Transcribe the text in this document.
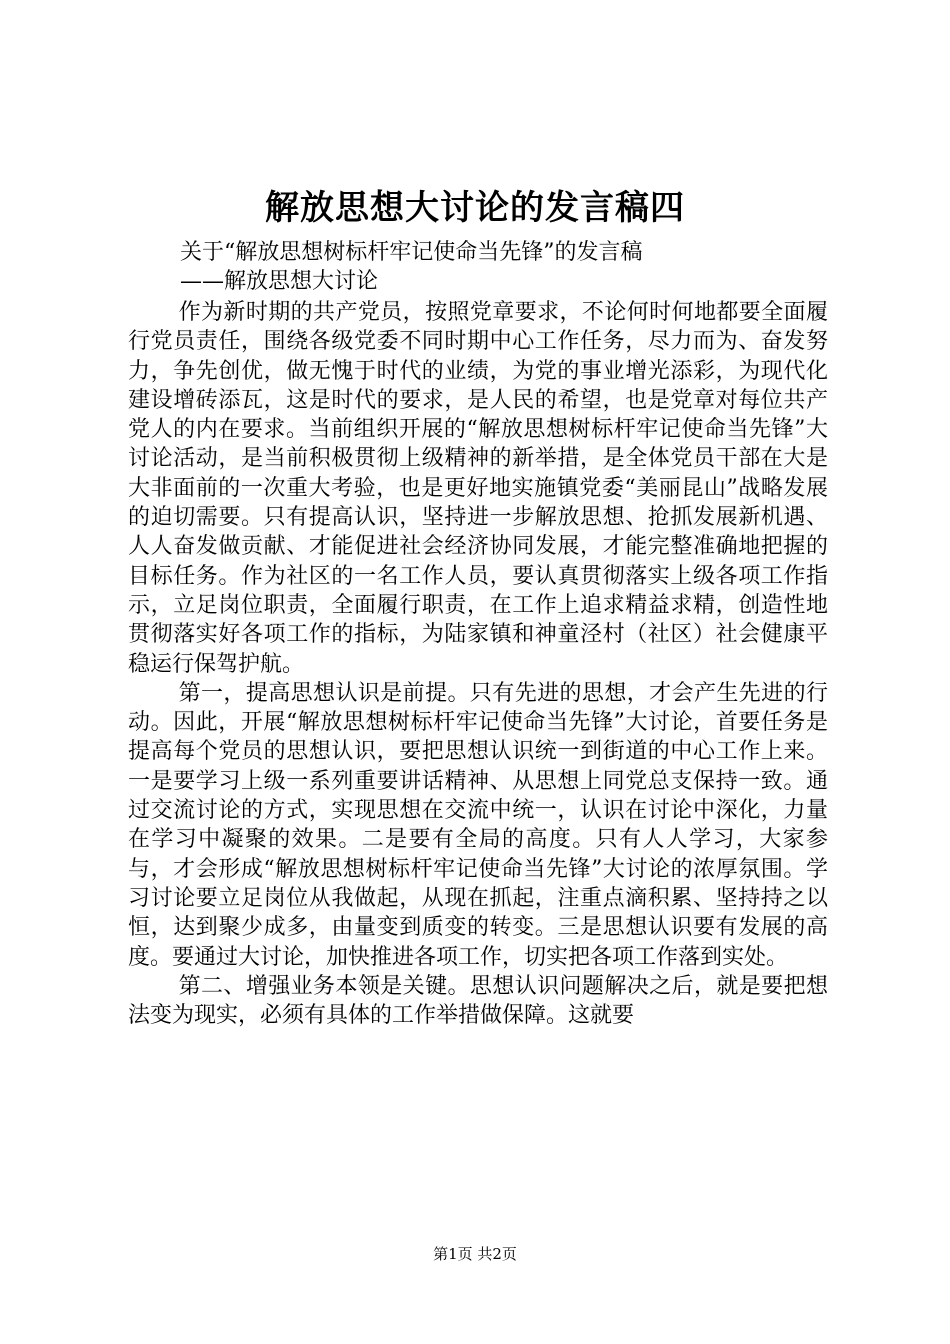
解放思想大讨论的发言稿四
关于“解放思想树标杆牢记使命当先锋”的发言稿
——解放思想大讨论

作为新时期的共产党员，按照党章要求，不论何时何地都要全面履行党员责任，围绕各级党委不同时期中心工作任务，尽力而为、奋发努力，争先创优，做无愧于时代的业绩，为党的事业增光添彩，为现代化建设增砖添瓦，这是时代的要求，是人民的希望，也是党章对每位共产党人的内在要求。当前组织开展的“解放思想树标杆牢记使命当先锋”大讨论活动，是当前积极贯彻上级精神的新举措，是全体党员干部在大是大非面前的一次重大考验，也是更好地实施镇党委“美丽昆山”战略发展的迫切需要。只有提高认识，坚持进一步解放思想、抢抓发展新机遇、人人奋发做贡献、才能促进社会经济协同发展，才能完整准确地把握的目标任务。作为社区的一名工作人员，要认真贯彻落实上级各项工作指示，立足岗位职责，全面履行职责，在工作上追求精益求精，创造性地贯彻落实好各项工作的指标，为陆家镇和神童泾村（社区）社会健康平稳运行保驾护航。

第一，提高思想认识是前提。只有先进的思想，才会产生先进的行动。因此，开展“解放思想树标杆牢记使命当先锋”大讨论，首要任务是提高每个党员的思想认识，要把思想认识统一到街道的中心工作上来。一是要学习上级一系列重要讲话精神、从思想上同党总支保持一致。通过交流讨论的方式，实现思想在交流中统一，认识在讨论中深化，力量在学习中凝聚的效果。二是要有全局的高度。只有人人学习，大家参与，才会形成“解放思想树标杆牢记使命当先锋”大讨论的浓厚氛围。学习讨论要立足岗位从我做起，从现在抓起，注重点滴积累、坚持持之以恒，达到聚少成多，由量变到质变的转变。三是思想认识要有发展的高度。要通过大讨论，加快推进各项工作，切实把各项工作落到实处。

第二、增强业务本领是关键。思想认识问题解决之后，就是要把想法变为现实，必须有具体的工作举措做保障。这就要

第1页 共2页
